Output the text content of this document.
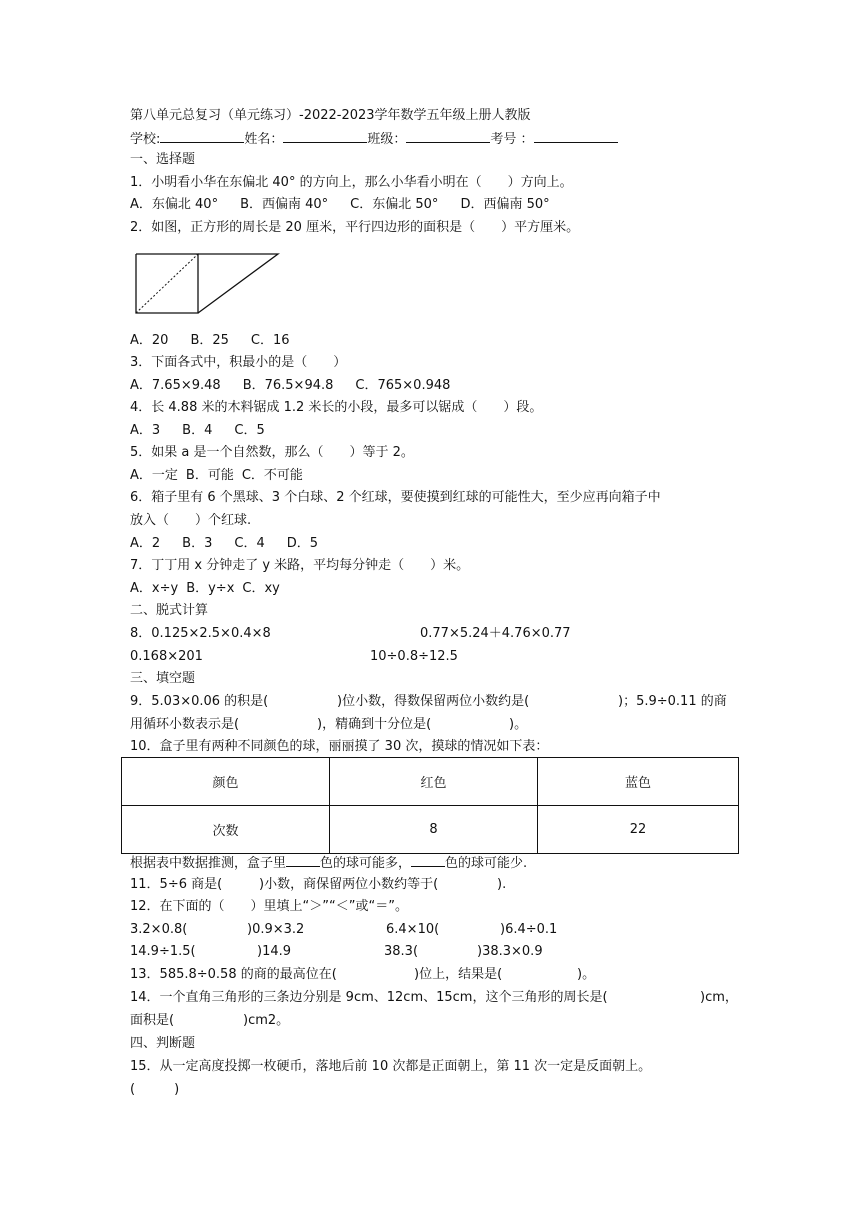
第八单元总复习（单元练习）-2022-2023学年数学五年级上册人教版
学校:	姓名：	班级：	考号 ：
一、选择题
1．小明看小华在东偏北 40° 的方向上，那么小华看小明在（　　）方向上。
A．东偏北 40° B．西偏南 40° C．东偏北 50° D．西偏南 50°
2．如图，正方形的周长是 20 厘米，平行四边形的面积是（　　）平方厘米。
A．20 B．25 C．16
3．下面各式中，积最小的是（　　）
A．7.65×9.48 B．76.5×94.8 C．765×0.948
4．长 4.88 米的木料锯成 1.2 米长的小段，最多可以锯成（　　）段。
A．3 B．4 C．5
5．如果 a 是一个自然数，那么（　　）等于 2。
A．一定 B．可能 C．不可能
6．箱子里有 6 个黑球、3 个白球、2 个红球，要使摸到红球的可能性大，至少应再向箱子中
放入（　　）个红球.
A．2 B．3 C．4 D．5
7．丁丁用 x 分钟走了 y 米路，平均每分钟走（　　）米。
A．x÷y B．y÷x C．xy
二、脱式计算
8．0.125×2.5×0.4×8	0.77×5.24＋4.76×0.77
0.168×201	10÷0.8÷12.5
三、填空题
9．5.03×0.06 的积是(	)位小数，得数保留两位小数约是(	)；5.9÷0.11 的商
用循环小数表示是(	)，精确到十分位是(	)。
10．盒子里有两种不同颜色的球，丽丽摸了 30 次，摸球的情况如下表：
颜色	红色	蓝色
次数	8	22
根据表中数据推测，盒子里	色的球可能多，	色的球可能少.
11．5÷6 商是(	)小数，商保留两位小数约等于(	).
12．在下面的（　　）里填上“＞”“＜”或“＝”。
3.2×0.8(	)0.9×3.2	6.4×10(	)6.4÷0.1
14.9÷1.5(	)14.9	38.3(	)38.3×0.9
13．585.8÷0.58 的商的最高位在(	)位上，结果是(	)。
14．一个直角三角形的三条边分别是 9cm、12cm、15cm，这个三角形的周长是(	)cm，
面积是(	)cm2。
四、判断题
15．从一定高度投掷一枚硬币，落地后前 10 次都是正面朝上，第 11 次一定是反面朝上。
(　　　)
